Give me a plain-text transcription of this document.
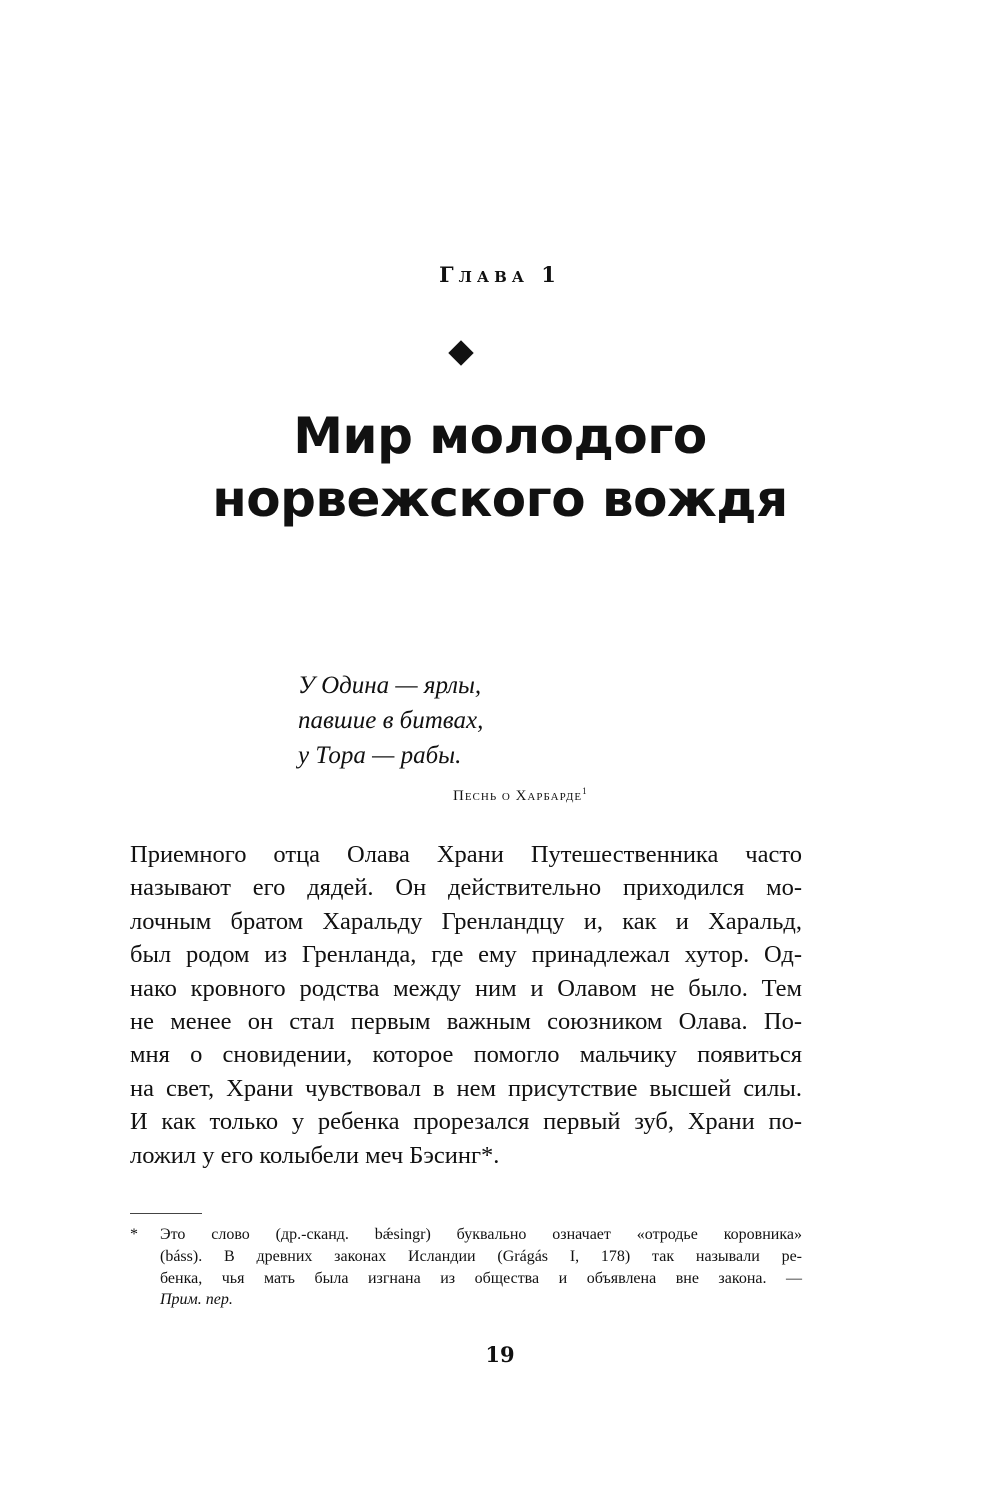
Глава 1
Мир молодого
норвежского вождя
У Одина — ярлы,
павшие в битвах,
у Тора — рабы.
Песнь о Харбарде$^1$
Приемного отца Олава Храни Путешественника часто
называют его дядей. Он действительно приходился мо-
лочным братом Харальду Гренландцу и, как и Харальд,
был родом из Гренланда, где ему принадлежал хутор. Од-
нако кровного родства между ним и Олавом не было. Тем
не менее он стал первым важным союзником Олава. По-
мня о сновидении, которое помогло мальчику появиться
на свет, Храни чувствовал в нем присутствие высшей силы.
И как только у ребенка прорезался первый зуб, Храни по-
ложил у его колыбели меч Бэсинг*.
* Это слово (др.-сканд. bǽsingr) буквально означает «отродье коровника»
(báss). В древних законах Исландии (Grágás I, 178) так называли ре-
бенка, чья мать была изгнана из общества и объявлена вне закона. —
Прим. пер.
19
